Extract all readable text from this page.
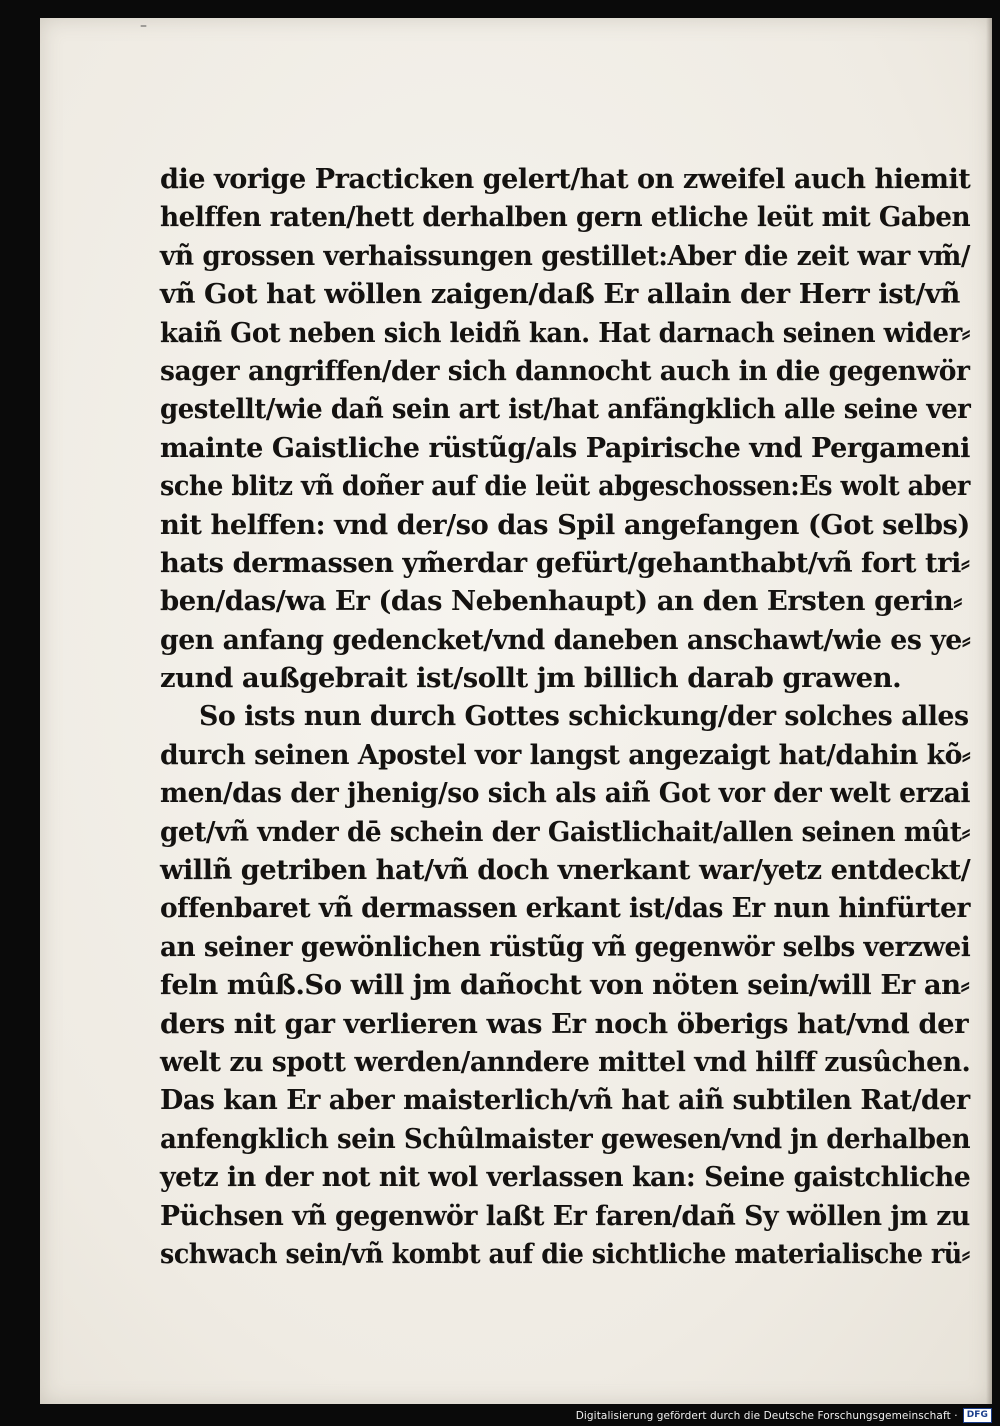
–
die vorige Practicken gelert/hat on zweifel auch hiemit
helffen raten/hett derhalben gern etliche leüt mit Gaben
vñ grossen verhaissungen gestillet:Aber die zeit war vm̃/
vñ Got hat wöllen zaigen/daß Er allain der Herr ist/vñ
kaiñ Got neben sich leidñ kan. Hat darnach seinen wider⸗
sager angriffen/der sich dannocht auch in die gegenwör
gestellt/wie dañ sein art ist/hat anfängklich alle seine ver
mainte Gaistliche rüstũg/als Papirische vnd Pergameni
sche blitz vñ doñer auf die leüt abgeschossen:Es wolt aber
nit helffen: vnd der/so das Spil angefangen (Got selbs)
hats dermassen ym̃erdar gefürt/gehanthabt/vñ fort tri⸗
ben/das/wa Er (das Nebenhaupt) an den Ersten gerin⸗
gen anfang gedencket/vnd daneben anschawt/wie es ye⸗
zund außgebrait ist/sollt jm billich darab grawen.
So ists nun durch Gottes schickung/der solches alles
durch seinen Apostel vor langst angezaigt hat/dahin kõ⸗
men/das der jhenig/so sich als aiñ Got vor der welt erzai
get/vñ vnder dē schein der Gaistlichait/allen seinen mût⸗
willñ getriben hat/vñ doch vnerkant war/yetz entdeckt/
offenbaret vñ dermassen erkant ist/das Er nun hinfürter
an seiner gewönlichen rüstũg vñ gegenwör selbs verzwei
feln mûß.So will jm dañocht von nöten sein/will Er an⸗
ders nit gar verlieren was Er noch öberigs hat/vnd der
welt zu spott werden/anndere mittel vnd hilff zusûchen.
Das kan Er aber maisterlich/vñ hat aiñ subtilen Rat/der
anfengklich sein Schûlmaister gewesen/vnd jn derhalben
yetz in der not nit wol verlassen kan: Seine gaistchliche
Püchsen vñ gegenwör laßt Er faren/dañ Sy wöllen jm zu
schwach sein/vñ kombt auf die sichtliche materialische rü⸗
Digitalisierung gefördert durch die Deutsche Forschungsgemeinschaft ·	DFG
